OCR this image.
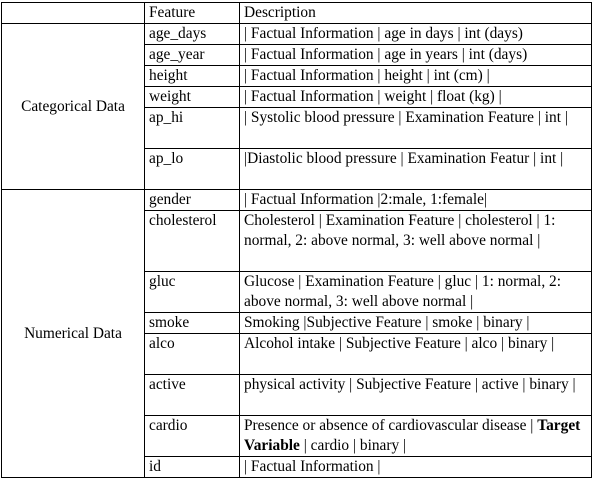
	Feature	Description
Categorical Data	age_days	| Factual Information | age in days | int (days)
	age_year	| Factual Information | age in years | int (days)
	height	| Factual Information | height | int (cm) |
	weight	| Factual Information | weight | float (kg) |
	ap_hi	| Systolic blood pressure | Examination Feature | int |
	ap_lo	|Diastolic blood pressure | Examination Featur | int |
Numerical Data	gender	| Factual Information |2:male, 1:female|
	cholesterol	Cholesterol | Examination Feature | cholesterol | 1: normal, 2: above normal, 3: well above normal |
	gluc	Glucose | Examination Feature | gluc | 1: normal, 2: above normal, 3: well above normal |
	smoke	Smoking |Subjective Feature | smoke | binary |
	alco	Alcohol intake | Subjective Feature | alco | binary |
	active	physical activity | Subjective Feature | active | binary |
	cardio	Presence or absence of cardiovascular disease | Target Variable | cardio | binary |
	id	| Factual Information |
